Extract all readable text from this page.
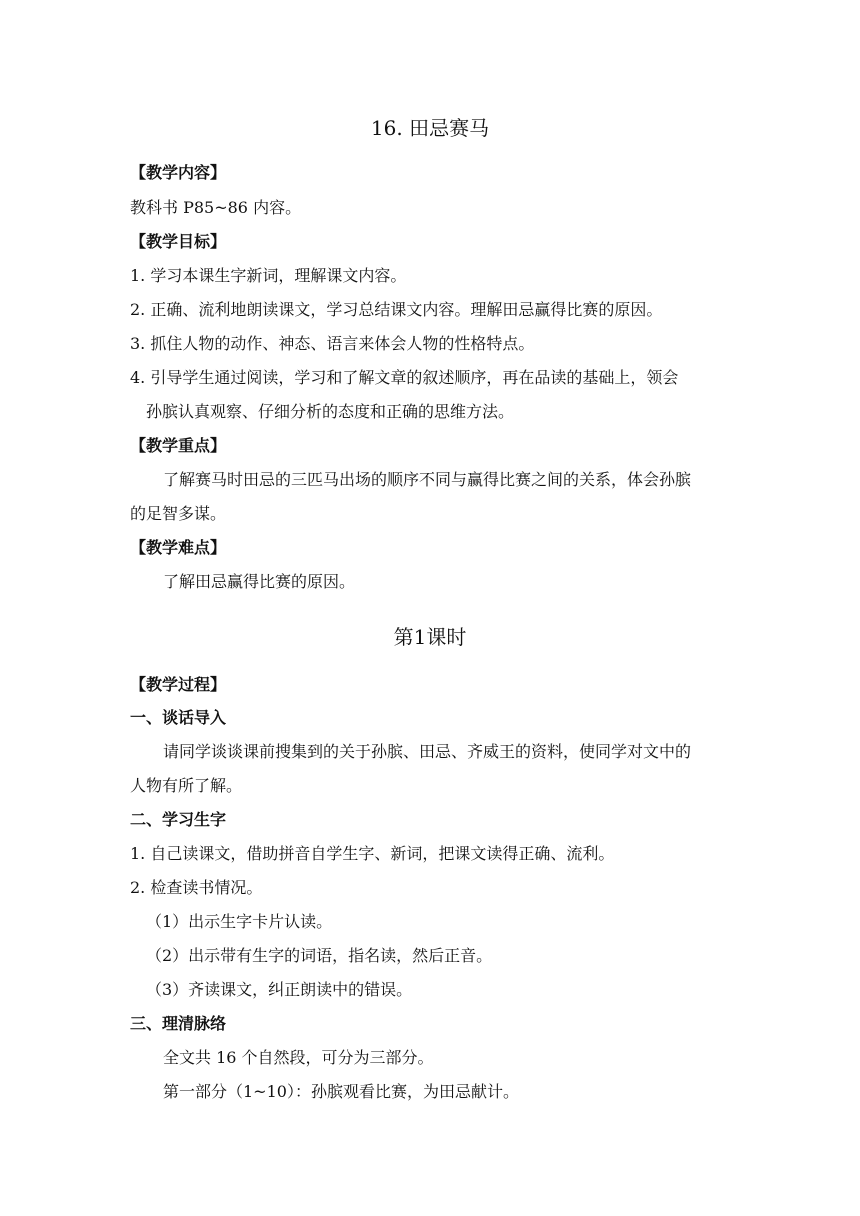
16. 田忌赛马
【教学内容】
教科书 P85~86 内容。
【教学目标】
1. 学习本课生字新词，理解课文内容。
2. 正确、流利地朗读课文，学习总结课文内容。理解田忌赢得比赛的原因。
3. 抓住人物的动作、神态、语言来体会人物的性格特点。
4. 引导学生通过阅读，学习和了解文章的叙述顺序，再在品读的基础上，领会
孙膑认真观察、仔细分析的态度和正确的思维方法。
【教学重点】
了解赛马时田忌的三匹马出场的顺序不同与赢得比赛之间的关系，体会孙膑
的足智多谋。
【教学难点】
了解田忌赢得比赛的原因。
第1课时
【教学过程】
一、谈话导入
请同学谈谈课前搜集到的关于孙膑、田忌、齐威王的资料，使同学对文中的
人物有所了解。
二、学习生字
1. 自己读课文，借助拼音自学生字、新词，把课文读得正确、流利。
2. 检查读书情况。
（1）出示生字卡片认读。
（2）出示带有生字的词语，指名读，然后正音。
（3）齐读课文，纠正朗读中的错误。
三、理清脉络
全文共 16 个自然段，可分为三部分。
第一部分（1~10）：孙膑观看比赛，为田忌献计。
